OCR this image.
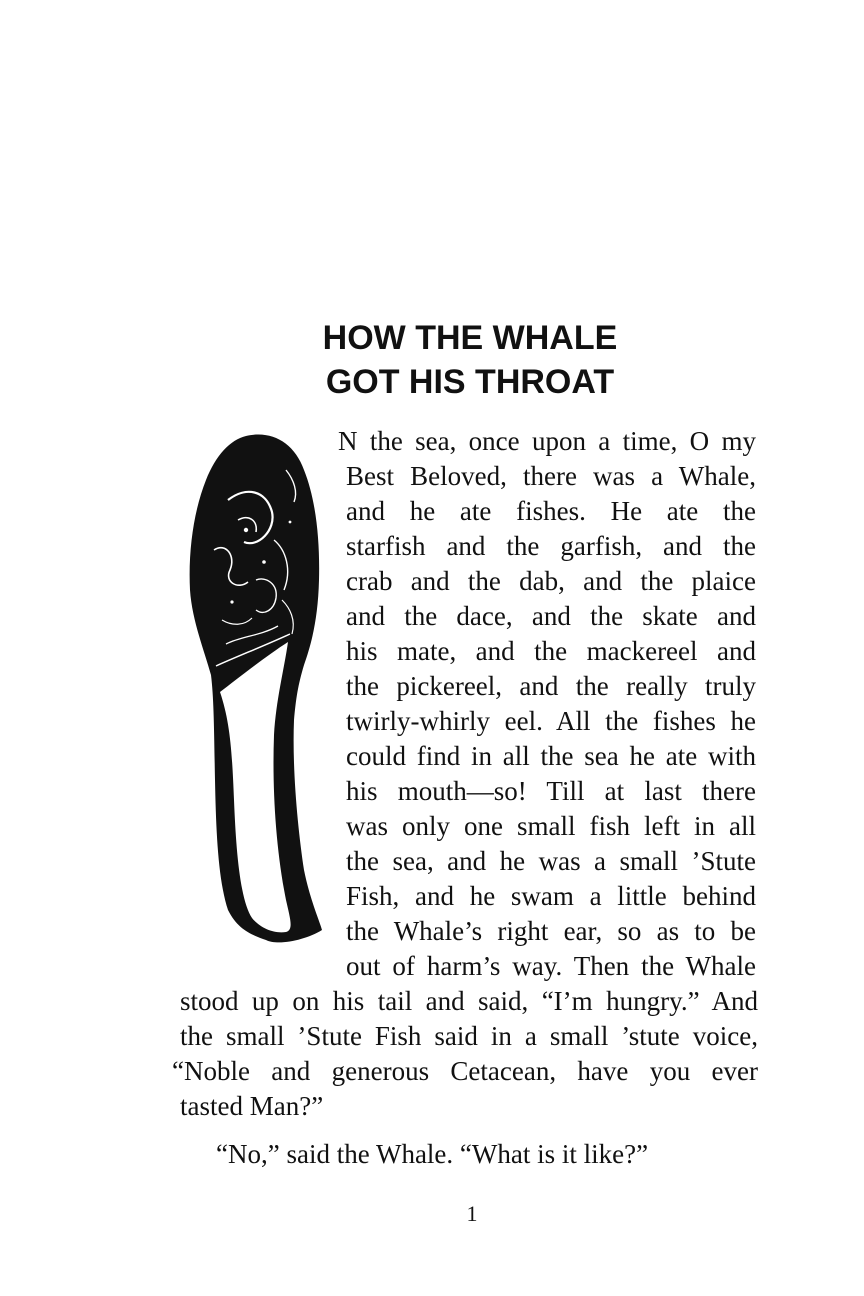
HOW THE WHALE
GOT HIS THROAT
N the sea, once upon a time, O my
Best Beloved, there was a Whale,
and he ate fishes. He ate the
starfish and the garfish, and the
crab and the dab, and the plaice
and the dace, and the skate and
his mate, and the mackereel and
the pickereel, and the really truly
twirly-whirly eel. All the fishes he
could find in all the sea he ate with
his mouth—so! Till at last there
was only one small fish left in all
the sea, and he was a small ’Stute
Fish, and he swam a little behind
the Whale’s right ear, so as to be
out of harm’s way. Then the Whale
stood up on his tail and said, “I’m hungry.” And
the small ’Stute Fish said in a small ’stute voice,
“Noble and generous Cetacean, have you ever
tasted Man?”
“No,” said the Whale. “What is it like?”
1
